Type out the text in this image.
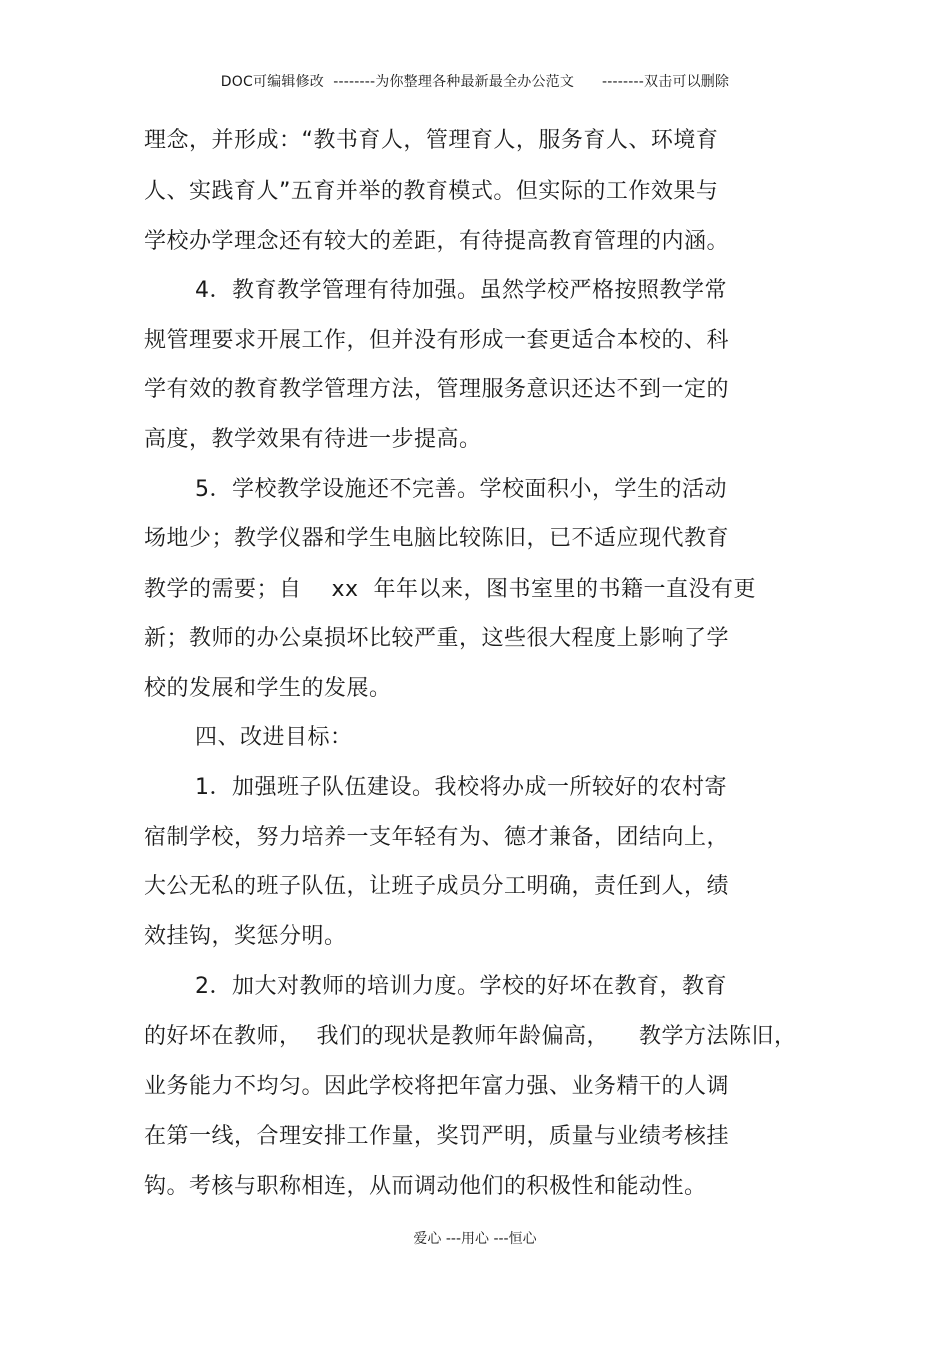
DOC可编辑修改  --------为你整理各种最新最全办公范文      --------双击可以删除
理念，并形成：“教书育人，管理育人，服务育人、环境育
人、实践育人”五育并举的教育模式。但实际的工作效果与
学校办学理念还有较大的差距，有待提高教育管理的内涵。
4．教育教学管理有待加强。虽然学校严格按照教学常
规管理要求开展工作，但并没有形成一套更适合本校的、科
学有效的教育教学管理方法，管理服务意识还达不到一定的
高度，教学效果有待进一步提高。
5．学校教学设施还不完善。学校面积小，学生的活动
场地少；教学仪器和学生电脑比较陈旧，已不适应现代教育
教学的需要；自    xx  年年以来，图书室里的书籍一直没有更
新；教师的办公桌损坏比较严重，这些很大程度上影响了学
校的发展和学生的发展。
四、改进目标：
1．加强班子队伍建设。我校将办成一所较好的农村寄
宿制学校，努力培养一支年轻有为、德才兼备，团结向上，
大公无私的班子队伍，让班子成员分工明确，责任到人，绩
效挂钩，奖惩分明。
2．加大对教师的培训力度。学校的好坏在教育，教育
的好坏在教师，  我们的现状是教师年龄偏高，    教学方法陈旧，
业务能力不均匀。因此学校将把年富力强、业务精干的人调
在第一线，合理安排工作量，奖罚严明，质量与业绩考核挂
钩。考核与职称相连，从而调动他们的积极性和能动性。
爱心 ---用心 ---恒心
